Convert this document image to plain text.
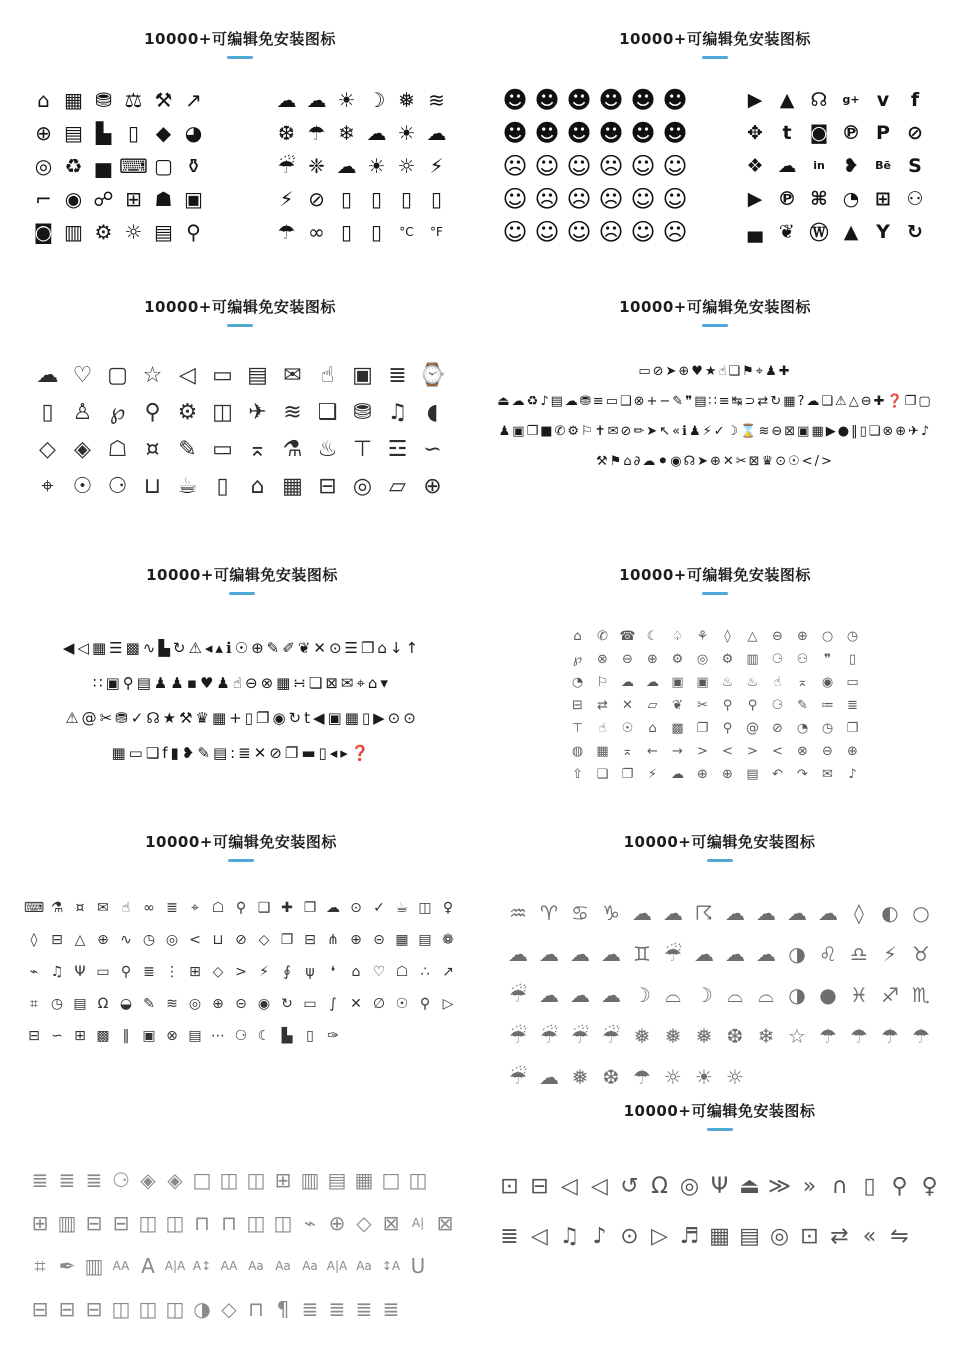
10000+可编辑免安装图标
⌂ ▦ ⛃ ⚖ ⚒ ↗
⊕ ▤ ▙ ▯ ◆ ◕
◎ ♻ ▅ ⌨ ▢ ⚱
⌐ ◉ ☍ ⊞ ☗ ▣
◙ ▥ ⚙ ☼ ▤ ⚲
☁ ☁ ☀ ☽ ❅ ≋
❆ ☂ ❄ ☁ ☀ ☁
☔ ❈ ☁ ☀ ☼ ⚡
⚡ ⊘ ▯ ▯ ▯ ▯
☂ ∞ ▯ ▯	°C	°F
10000+可编辑免安装图标
☻ ☻ ☻ ☻ ☻ ☻
☻ ☻ ☻ ☻ ☻ ☻
☹ ☺ ☺ ☹ ☺ ☺
☺ ☹ ☹ ☹ ☺ ☺
☺ ☺ ☺ ☹ ☺ ☹
▶ ▲ ☊	g+ v	f
✥	t ◙ ℗ P ⊘
❖ ☁	in ❥	Bē S
▶ ℗ ⌘ ◔ ⊞ ⚇
▄ ❦ Ⓦ ▲ Y ↻
10000+可编辑免安装图标
☁ ♡ ▢ ☆ ◁ ▭ ▤ ✉ ☝ ▣ ≣ ⌚
▯ ♙ ℘ ⚲ ⚙ ◫ ✈ ≋ ❑ ⛃ ♫ ◖
◇ ◈ ☖ ¤ ✎ ▭ ⌅ ⚗ ♨ ⊤ ☲ ∽
⌖ ☉ ⚆ ⊔ ☕ ▯ ⌂ ▦ ⊟ ◎ ▱ ⊕
10000+可编辑免安装图标
▭⊘➤⊕♥★☝❑⚑⌖♟✚
⏏☁♻♪▤☁⛃≡▭❑⊗+−✎❞▤∷≡↹⊃⇄↻▦?☁❏⚠△⊖✚❓❐▢
♟▣❐■✆⚙⚐✝✉⊘✏➤↖«ℹ♟⚡✓☽⌛≋⊖⊠▣▦▶●‖▯❏⊗⊕✈♪
⚒⚑⌂∂☁⚫◉☊➤⊕✕✂⊠♛⊙☉</>
10000+可编辑免安装图标
◀◁▦☰▩∿▙↻⚠◂▴ℹ☉⊕✎✐❦✕⊙☰❐⌂↓↑
∷▣⚲▤♟♟▪♥♟☝⊖⊗▦∺❏⊠✉⌖⌂▾
⚠@✂⛃✓☊★⚒♛▦+▯❐◉↻t◀▣▦▯▶⊙⊙
▦▭❏f▮❥✎▤:≣✕⊘❐▬▯◂▸❓
10000+可编辑免安装图标
⌂	✆ ☎ ☾	♤	⚘	◊	△	⊖	⊕	○	◷
℘	⊗	⊖	⊕	⚙	◎	⚙	▥	⚆	⚇	❞	▯
◔	⚐ ☁ ☁ ▣ ▣	♨	♨	☝	⌅	◉	▭
⊟	⇄	✕	▱	❦	✂	⚲	⚲	⚆	✎	≔	≣
⊤	☝	☉	⌂	▩	❐	⚲	@	⊘	◔	◷	❐
◍	▦	⌅	←	→	>	<	>	<	⊗	⊖	⊕
⇧	❏	❐	⚡	☁	⊕	⊕	▤	↶	↷	✉	♪
10000+可编辑免安装图标
⌨ ⚗ ¤ ✉ ☝ ∞ ≣ ⌖ ☖ ⚲ ❑ ✚ ❐ ☁ ⊙ ✓ ☕ ◫ ♀
◊ ⊟ △ ⊕ ∿ ◷ ◎ < ⊔ ⊘ ◇ ❐ ⊟ ⋔ ⊕ ⊝ ▦ ▤ ❁
⌁ ♫ Ψ ▭ ⚲ ≣ ⋮ ⊞ ◇ > ⚡	∮	ψ	❛	⌂ ♡ ☖ ∴ ↗
⌗ ◷ ▤ Ω ◒ ✎ ≋ ◎ ⊕ ⊝ ◉ ↻ ▭ ∫ ✕ ∅ ☉ ⚲ ▷
⊟ ∽ ⊞ ▩ ‖ ▣ ⊗ ▤ ⋯ ⚆ ☾ ▙ ▯ ✑
10000+可编辑免安装图标
♒ ♈ ♋ ♑ ☁ ☁ ☈ ☁ ☁ ☁ ☁ ◊ ◐ ○
☁ ☁ ☁ ☁ ♊ ☔ ☁ ☁ ☁ ◑ ♌ ♎ ⚡ ♉
☔ ☁ ☁ ☁ ☽ ⌓ ☽ ⌓ ⌓ ◑ ● ♓ ♐ ♏
☔ ☔ ☔ ☔ ❅ ❅ ❅ ❆ ❄ ☆ ☂ ☂ ☂ ☂
☔ ☁ ❅ ❆ ☂ ☼ ☀ ☼
≣ ≣ ≣ ⚆ ◈ ◈ □ ◫ ◫ ⊞ ▥ ▤ ▦ □ ◫
⊞ ▥ ⊟ ⊟ ◫ ◫ ⊓ ⊓ ◫ ◫ ⌁ ⊕ ◇ ⊠	A| ⊠
⌗ ✒ ▥ AA A A|A A↕ AA Aa Aa Aa A|A Aa ↕A U
⊟ ⊟ ⊟ ◫ ◫ ◫ ◑ ◇ ⊓ ¶ ≣ ≣ ≣ ≣
10000+可编辑免安装图标
⊡ ⊟ ◁ ◁ ↺ Ω ◎ Ψ ⏏ ≫ » ∩ ▯ ⚲ ♀
≣ ◁ ♫ ♪ ⊙ ▷ ♬ ▦ ▤ ◎ ⊡ ⇄ « ⇋
